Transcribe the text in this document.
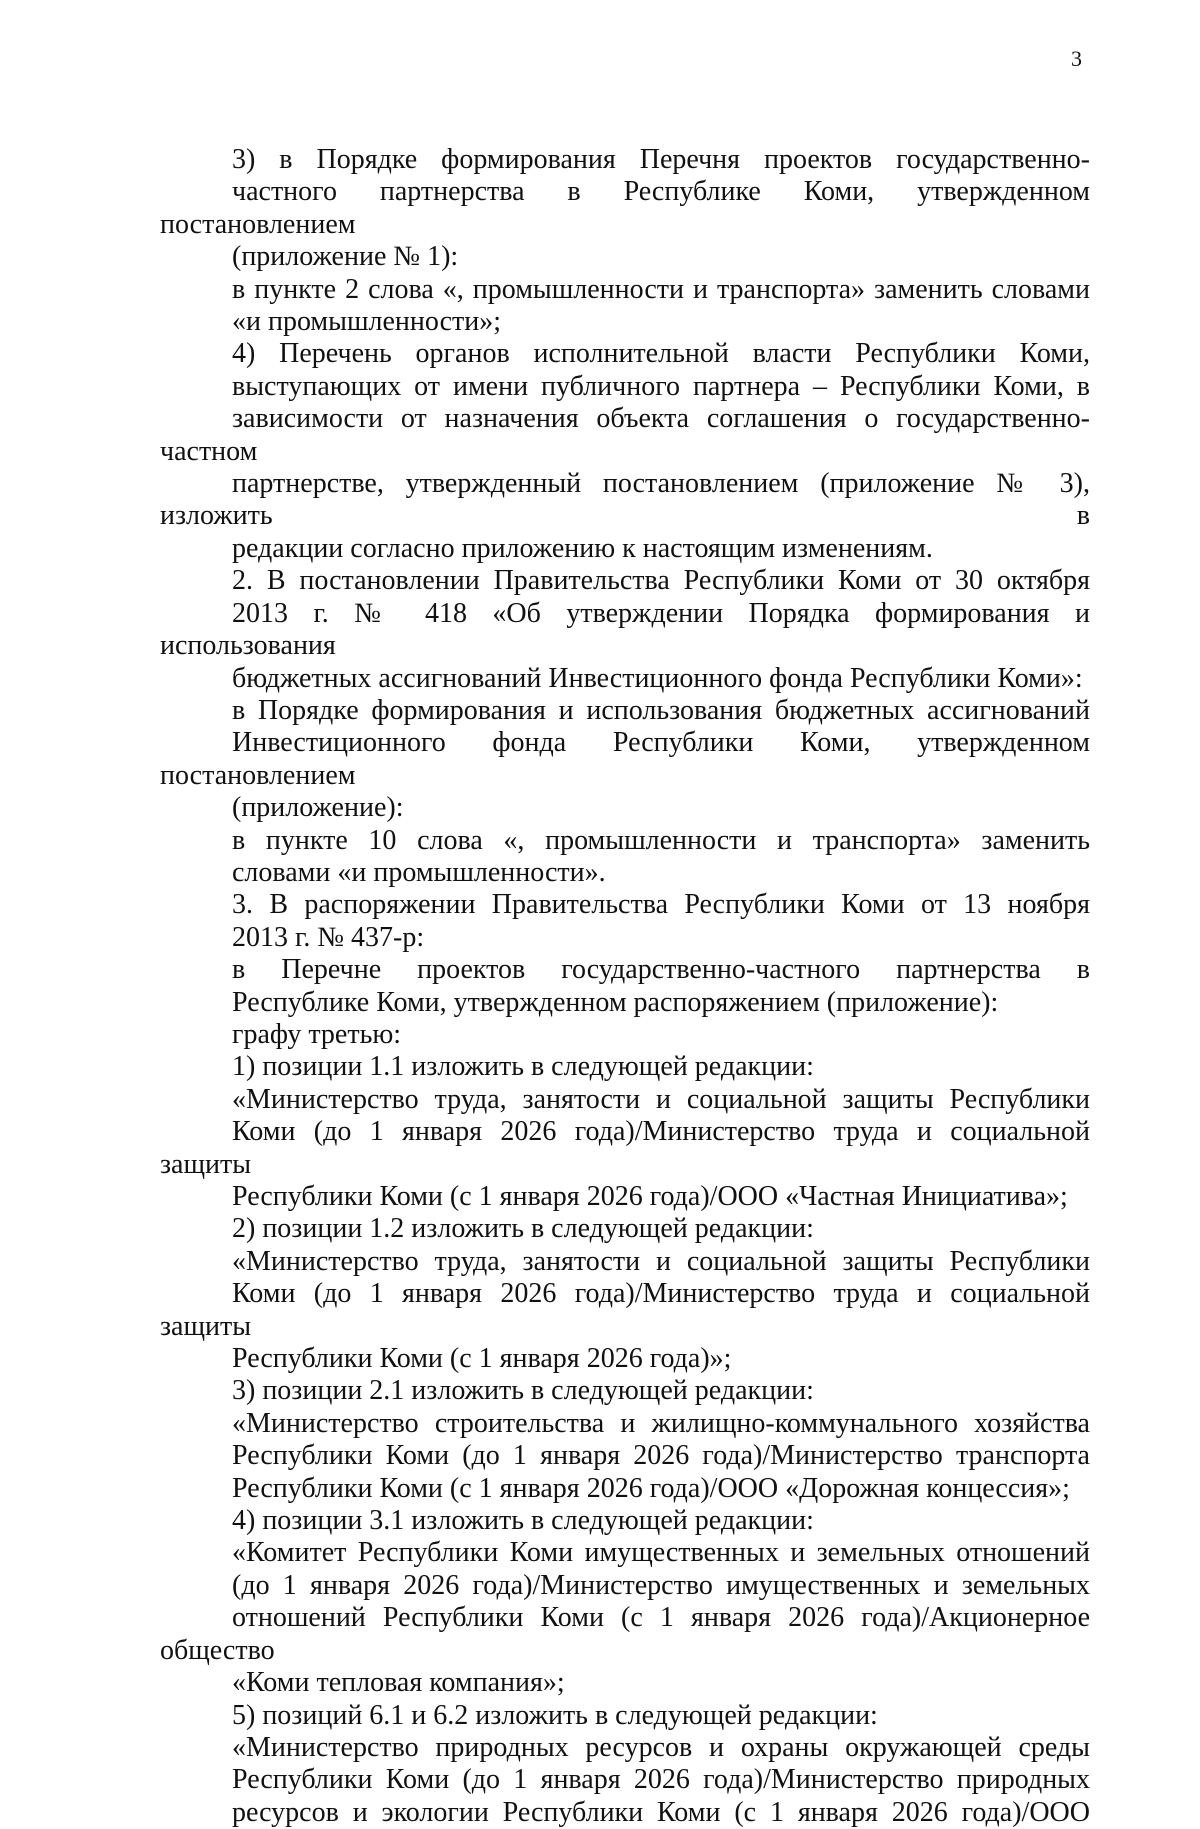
3

3) в Порядке формирования Перечня проектов государственно-
частного партнерства в Республике Коми, утвержденном постановлением
(приложение № 1):

в пункте 2 слова «, промышленности и транспорта» заменить словами
«и промышленности»;

4) Перечень органов исполнительной власти Республики Коми,
выступающих от имени публичного партнера – Республики Коми, в
зависимости от назначения объекта соглашения о государственно-частном
партнерстве, утвержденный постановлением (приложение № 3), изложить в
редакции согласно приложению к настоящим изменениям.

2. В постановлении Правительства Республики Коми от 30 октября
2013 г. № 418 «Об утверждении Порядка формирования и использования
бюджетных ассигнований Инвестиционного фонда Республики Коми»:

в Порядке формирования и использования бюджетных ассигнований
Инвестиционного фонда Республики Коми, утвержденном постановлением
(приложение):

в пункте 10 слова «, промышленности и транспорта» заменить
словами «и промышленности».

3. В распоряжении Правительства Республики Коми от 13 ноября
2013 г. № 437-р:

в Перечне проектов государственно-частного партнерства в
Республике Коми, утвержденном распоряжением (приложение):

графу третью:

1) позиции 1.1 изложить в следующей редакции:

«Министерство труда, занятости и социальной защиты Республики
Коми (до 1 января 2026 года)/Министерство труда и социальной защиты
Республики Коми (с 1 января 2026 года)/ООО «Частная Инициатива»;

2) позиции 1.2 изложить в следующей редакции:

«Министерство труда, занятости и социальной защиты Республики
Коми (до 1 января 2026 года)/Министерство труда и социальной защиты
Республики Коми (с 1 января 2026 года)»;

3) позиции 2.1 изложить в следующей редакции:

«Министерство строительства и жилищно-коммунального хозяйства
Республики Коми (до 1 января 2026 года)/Министерство транспорта
Республики Коми (с 1 января 2026 года)/ООО «Дорожная концессия»;

4) позиции 3.1 изложить в следующей редакции:

«Комитет Республики Коми имущественных и земельных отношений
(до 1 января 2026 года)/Министерство имущественных и земельных
отношений Республики Коми (с 1 января 2026 года)/Акционерное общество
«Коми тепловая компания»;

5) позиций 6.1 и 6.2 изложить в следующей редакции:

«Министерство природных ресурсов и охраны окружающей среды
Республики Коми (до 1 января 2026 года)/Министерство природных
ресурсов и экологии Республики Коми (с 1 января 2026 года)/ООО
